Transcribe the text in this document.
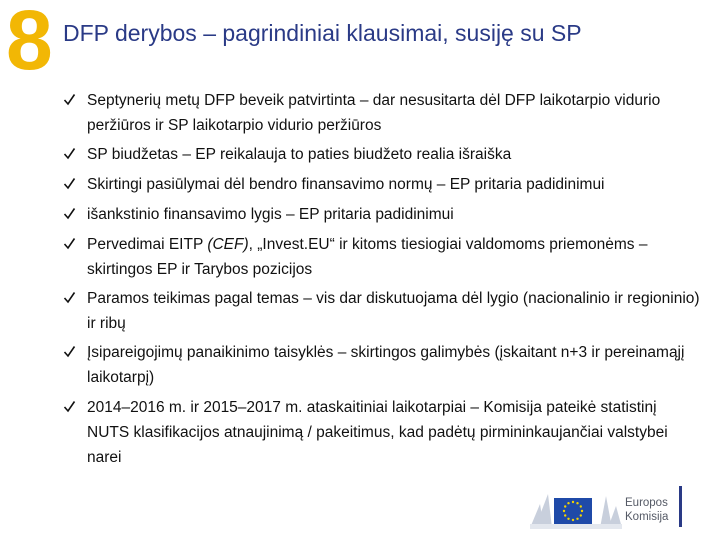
8 DFP derybos – pagrindiniai klausimai, susiję su SP
Septynerių metų DFP beveik patvirtinta – dar nesusitarta dėl DFP laikotarpio vidurio peržiūros ir SP laikotarpio vidurio peržiūros
SP biudžetas – EP reikalauja to paties biudžeto realia išraiška
Skirtingi pasiūlymai dėl bendro finansavimo normų – EP pritaria padidinimui
išankstinio finansavimo lygis – EP pritaria padidinimui
Pervedimai EITP (CEF), „Invest.EU“ ir kitoms tiesiogiai valdomoms priemonėms – skirtingos EP ir Tarybos pozicijos
Paramos teikimas pagal temas – vis dar diskutuojama dėl lygio (nacionalinio ir regioninio) ir ribų
Įsipareigojimų panaikinimo taisyklės – skirtingos galimybės (įskaitant n+3 ir pereinamąjį laikotarpį)
2014–2016 m. ir 2015–2017 m. ataskaitiniai laikotarpiai – Komisija pateikė statistinį NUTS klasifikacijos atnaujinimą / pakeitimus, kad padėtų pirmininkaujančiai valstybei narei
Europos
Komisija
